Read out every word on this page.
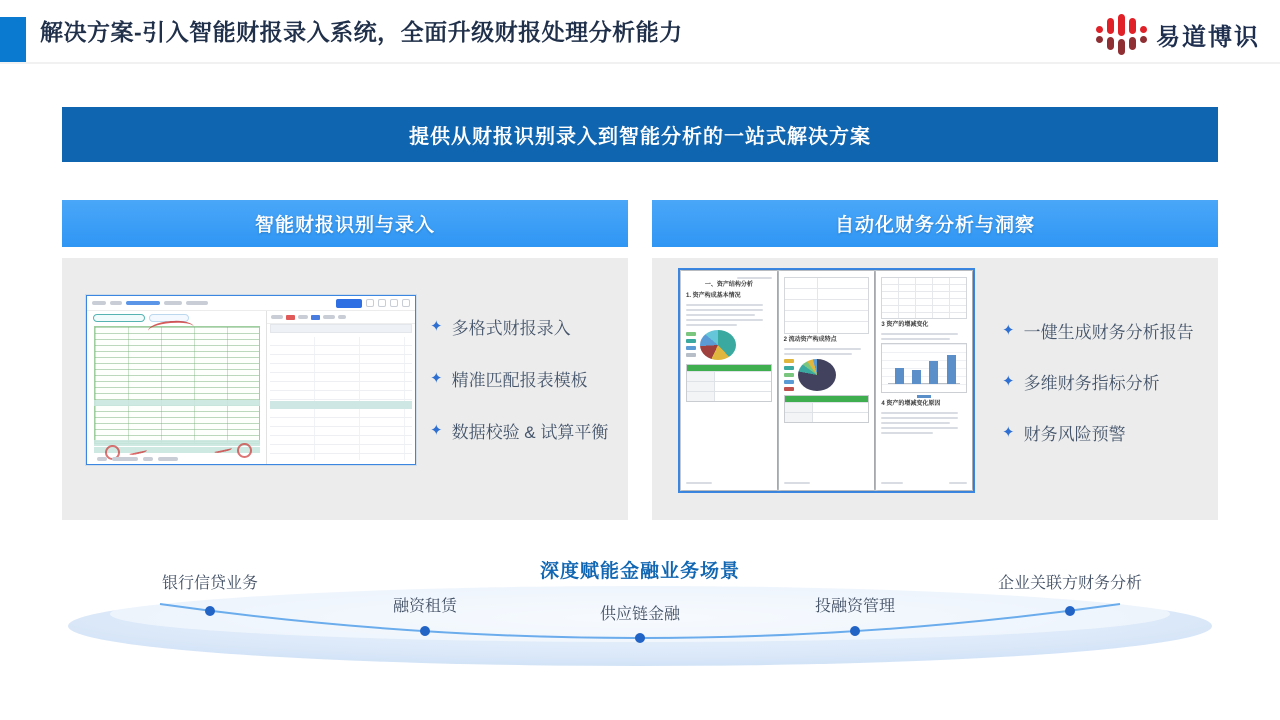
解决方案-引入智能财报录入系统，全面升级财报处理分析能力	易道博识
提供从财报识别录入到智能分析的一站式解决方案
智能财报识别与录入
✦ 多格式财报录入
✦ 精准匹配报表模板
✦ 数据校验 & 试算平衡
自动化财务分析与洞察
一、资产结构分析
1. 资产构成基本情况
2 流动资产构成特点
3 资产的增减变化
4 资产的增减变化原因
✦ 一健生成财务分析报告
✦ 多维财务指标分析
✦ 财务风险预警
深度赋能金融业务场景
银行信贷业务
融资租赁	供应链金融	投融资管理
企业关联方财务分析
